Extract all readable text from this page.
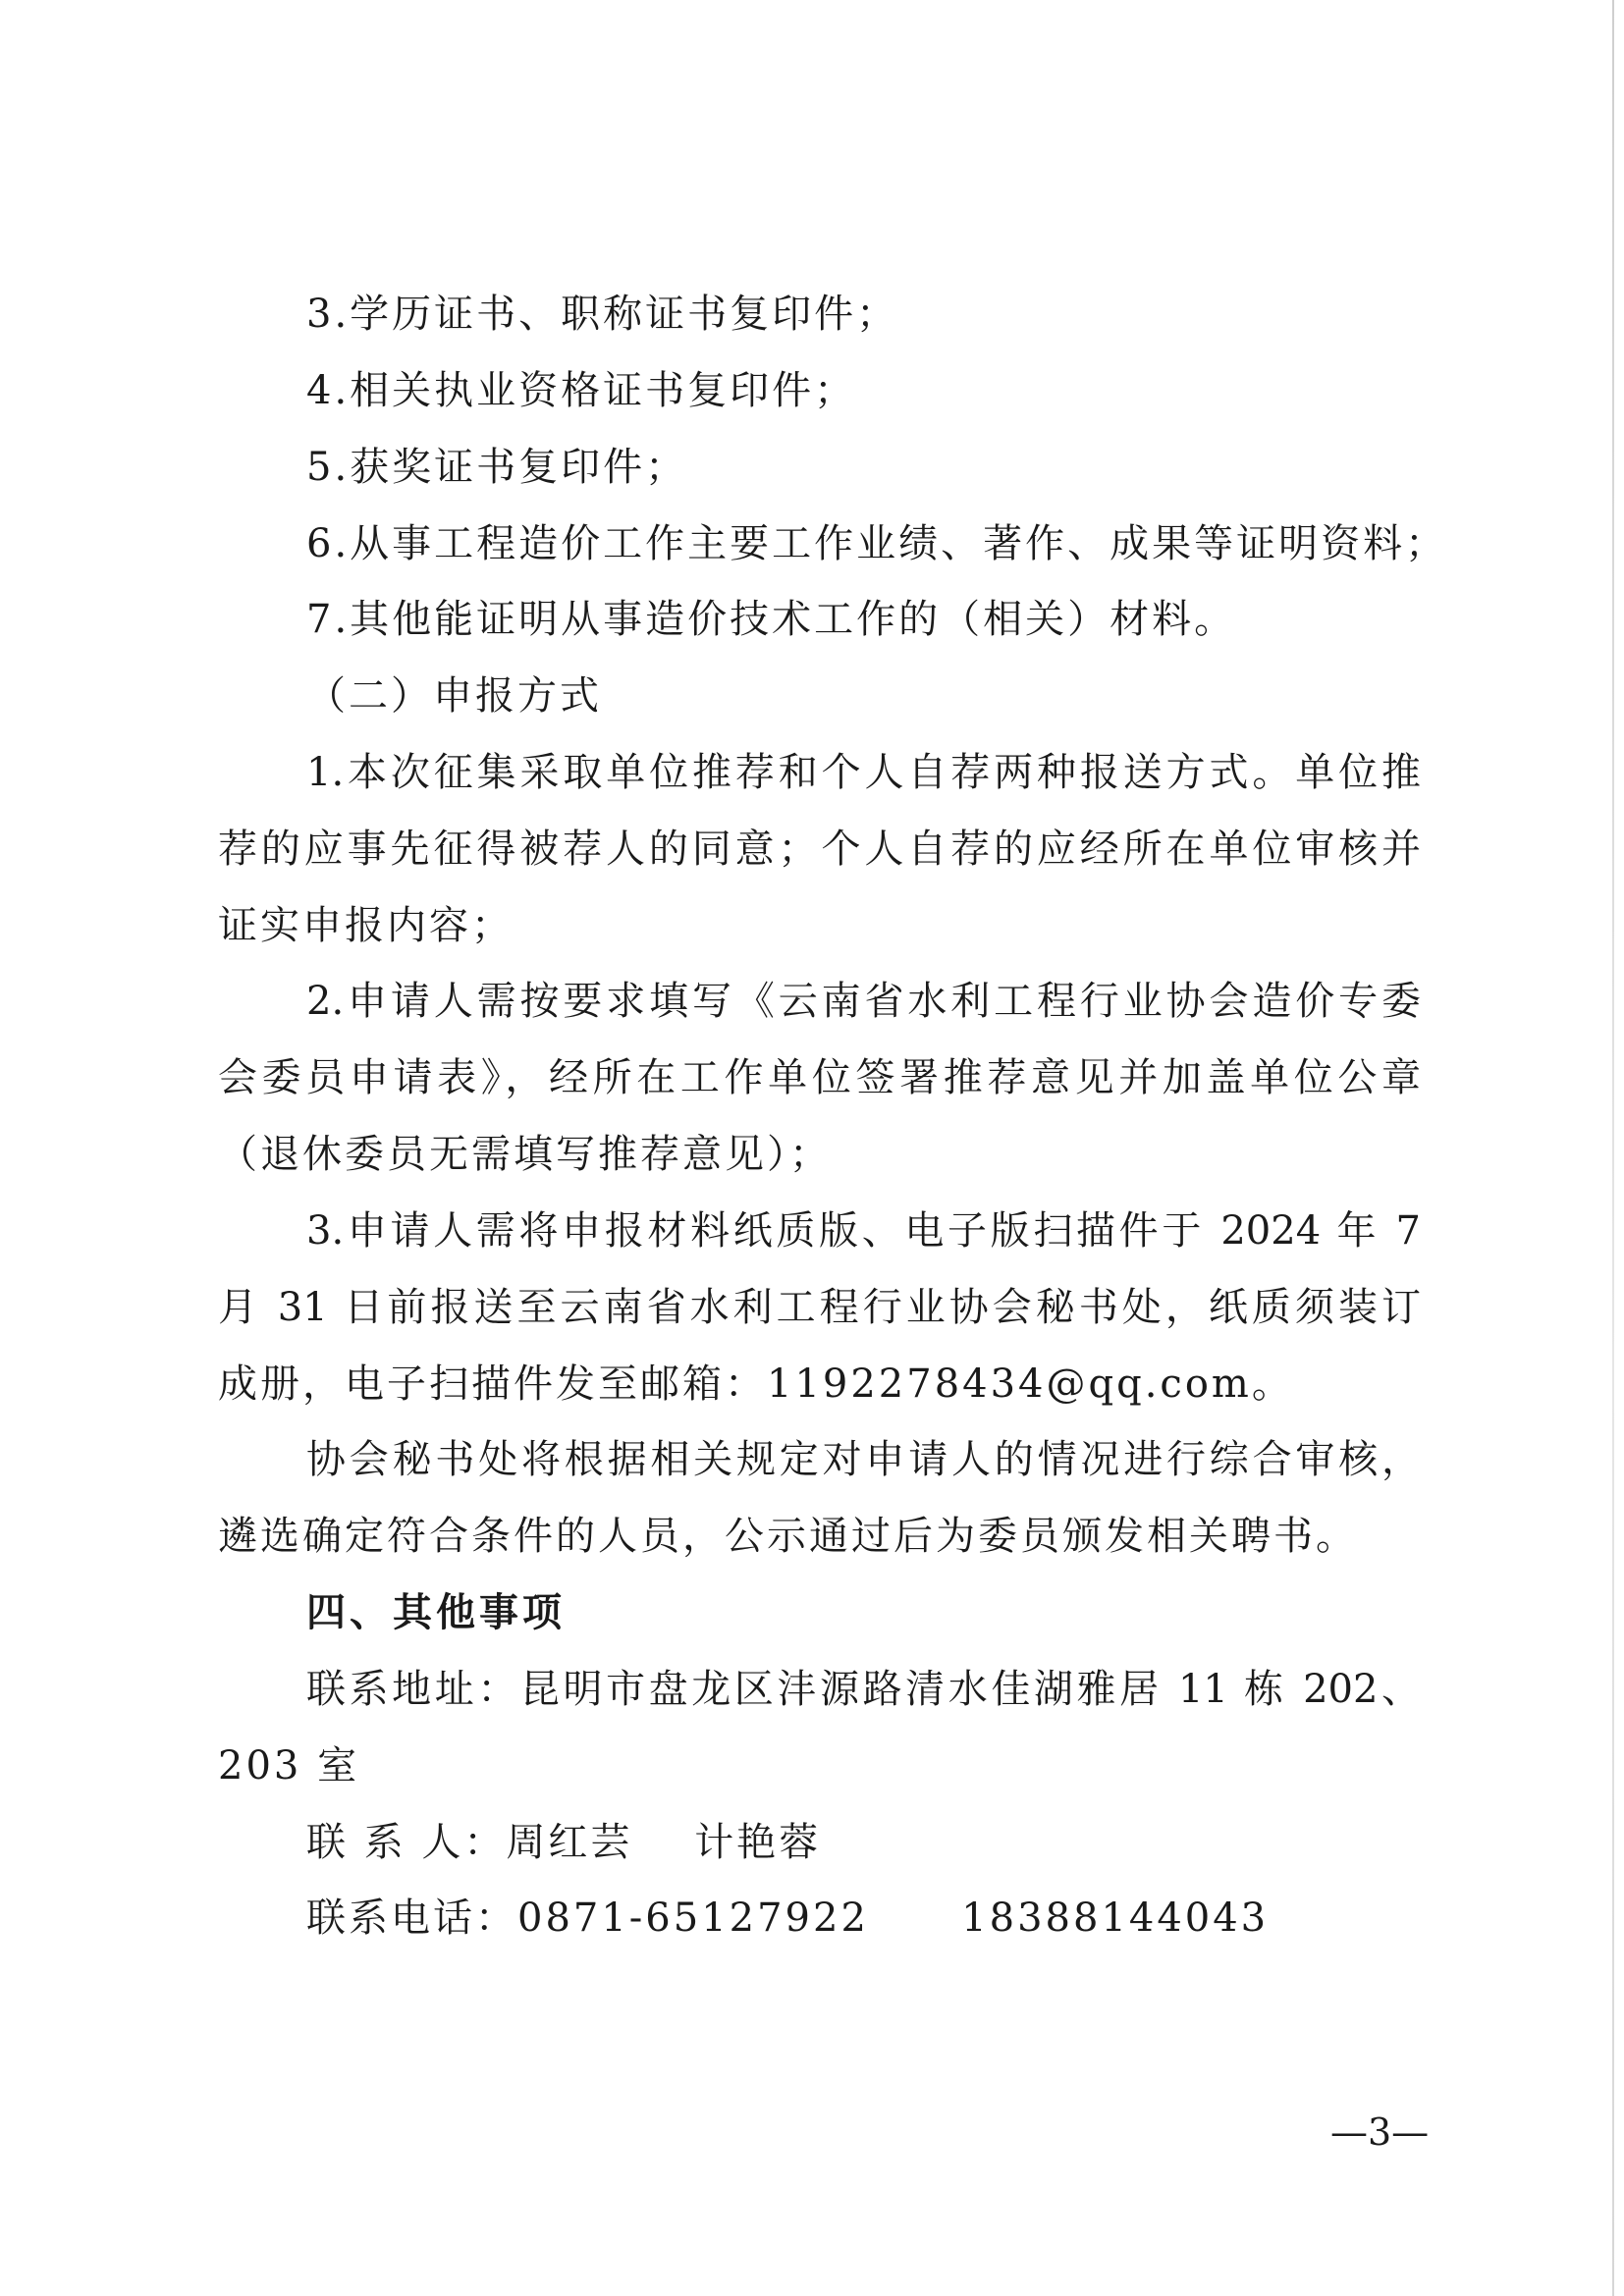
3.学历证书、职称证书复印件；

4.相关执业资格证书复印件；

5.获奖证书复印件；

6.从事工程造价工作主要工作业绩、著作、成果等证明资料；

7.其他能证明从事造价技术工作的（相关）材料。

（二）申报方式

1.本次征集采取单位推荐和个人自荐两种报送方式。单位推

荐的应事先征得被荐人的同意；个人自荐的应经所在单位审核并

证实申报内容；

2.申请人需按要求填写《云南省水利工程行业协会造价专委

会委员申请表》，经所在工作单位签署推荐意见并加盖单位公章

（退休委员无需填写推荐意见）；

3.申请人需将申报材料纸质版、电子版扫描件于 2024 年 7

月 31 日前报送至云南省水利工程行业协会秘书处，纸质须装订

成册，电子扫描件发至邮箱：1192278434@qq.com。

协会秘书处将根据相关规定对申请人的情况进行综合审核，

遴选确定符合条件的人员，公示通过后为委员颁发相关聘书。

四、其他事项

联系地址：昆明市盘龙区沣源路清水佳湖雅居 11 栋 202、

203 室

联 系 人：周红芸    计艳蓉

联系电话：0871-65127922      18388144043

—3—
